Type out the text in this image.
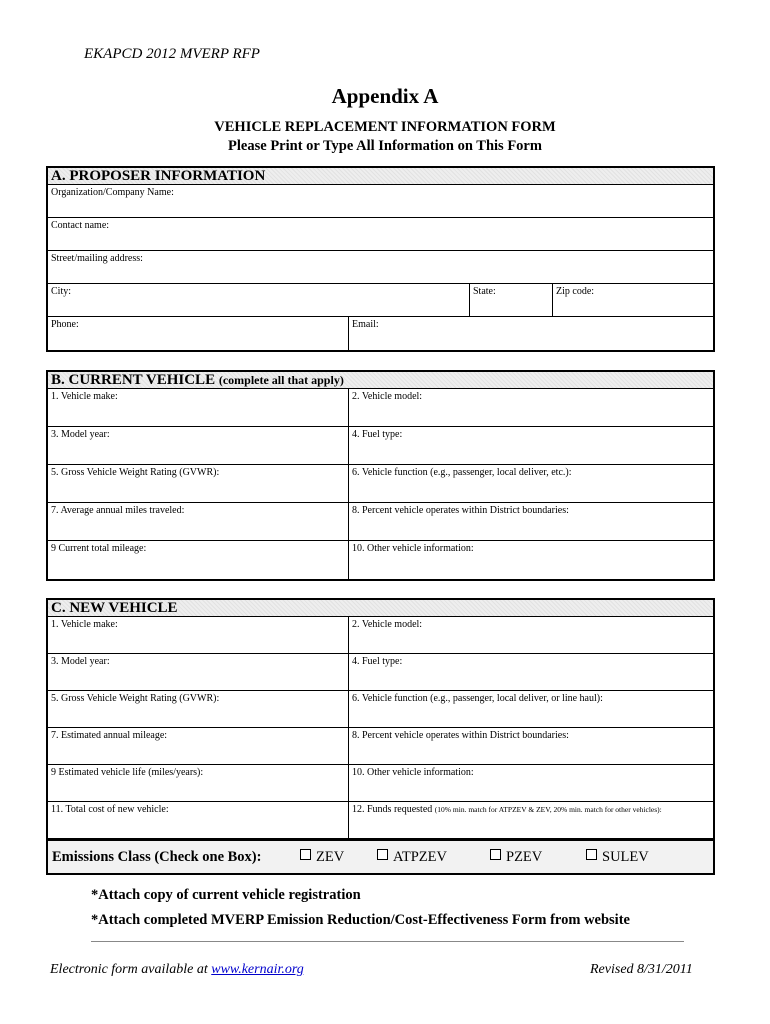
EKAPCD 2012 MVERP RFP
Appendix A
VEHICLE REPLACEMENT INFORMATION FORM
Please Print or Type All Information on This Form
A. PROPOSER INFORMATION
Organization/Company Name:
Contact name:
Street/mailing address:
City:	State:	Zip code:
Phone:	Email:
B. CURRENT VEHICLE (complete all that apply)
1. Vehicle make:	2. Vehicle model:
3. Model year:	4. Fuel type:
5. Gross Vehicle Weight Rating (GVWR):	6. Vehicle function (e.g., passenger, local deliver, etc.):
7. Average annual miles traveled:	8. Percent vehicle operates within District boundaries:
9 Current total mileage:	10. Other vehicle information:
C. NEW VEHICLE
1. Vehicle make:	2. Vehicle model:
3. Model year:	4. Fuel type:
5. Gross Vehicle Weight Rating (GVWR):	6. Vehicle function (e.g., passenger, local deliver, or line haul):
7. Estimated annual mileage:	8. Percent vehicle operates within District boundaries:
9 Estimated vehicle life (miles/years):	10. Other vehicle information:
11. Total cost of new vehicle:	12. Funds requested (10% min. match for ATPZEV & ZEV, 20% min. match for other vehicles):
Emissions Class (Check one Box):	ZEV	ATPZEV	PZEV	SULEV
*Attach copy of current vehicle registration
*Attach completed MVERP Emission Reduction/Cost-Effectiveness Form from website
Electronic form available at www.kernair.org	Revised 8/31/2011
